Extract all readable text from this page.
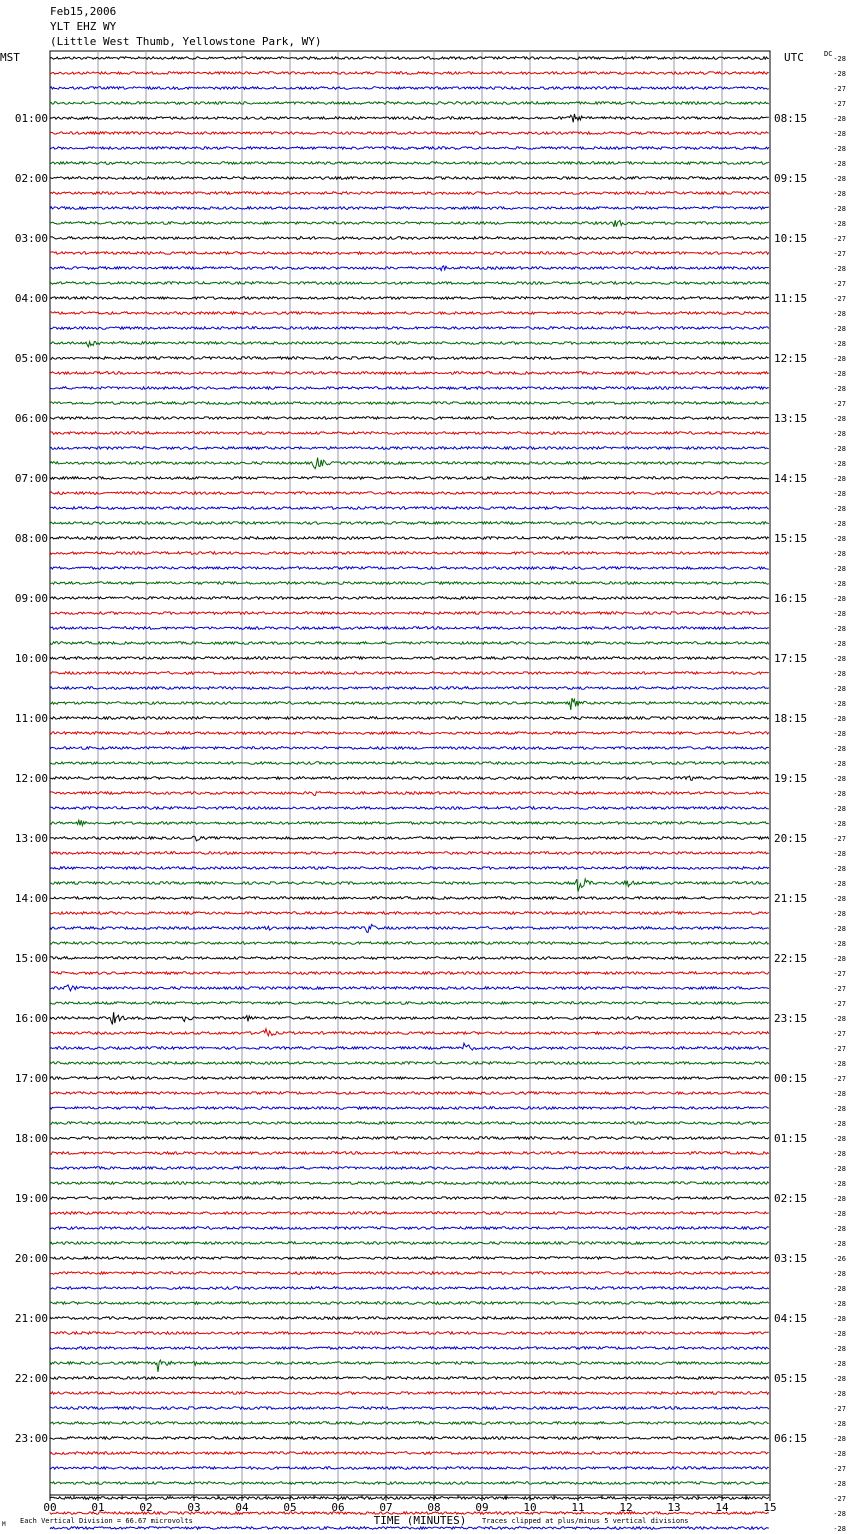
Feb15,2006
YLT EHZ WY
(Little West Thumb, Yellowstone Park, WY)
-28
-28
-27
-27
-28
-28
-28
-28
-28
-28
-28
-28
-27
-27
-28
-27
-27
-28
-28
-28
-28
-28
-28
-27
-28
-28
-28
-28
-28
-28
-28
-28
-28
-28
-28
-28
-28
-28
-28
-28
-28
-28
-28
-28
-28
-28
-28
-28
-28
-28
-28
-28
-27
-28
-28
-28
-28
-28
-28
-28
-28
-27
-27
-27
-28
-27
-27
-28
-27
-28
-28
-28
-28
-28
-28
-28
-28
-28
-28
-28
-26
-28
-28
-28
-28
-28
-28
-28
-28
-28
-27
-28
-28
-28
-27
-28
-27
-28
-28
01:00
02:00
03:00
04:00
05:00
06:00
07:00
08:00
09:00
10:00
11:00
12:00
13:00
14:00
15:00
16:00
17:00
18:00
19:00
20:00
21:00
22:00
23:00
08:15
09:15
10:15
11:15
12:15
13:15
14:15
15:15
16:15
17:15
18:15
19:15
20:15
21:15
22:15
23:15
00:15
01:15
02:15
03:15
04:15
05:15
06:15
MST	UTC	DC
00	01	02	03	04	05	06	07	08	09	10	11	12	13	14	15
TIME (MINUTES)
Each Vertical Division = 66.67 microvolts	Traces clipped at plus/minus 5 vertical divisions
M
